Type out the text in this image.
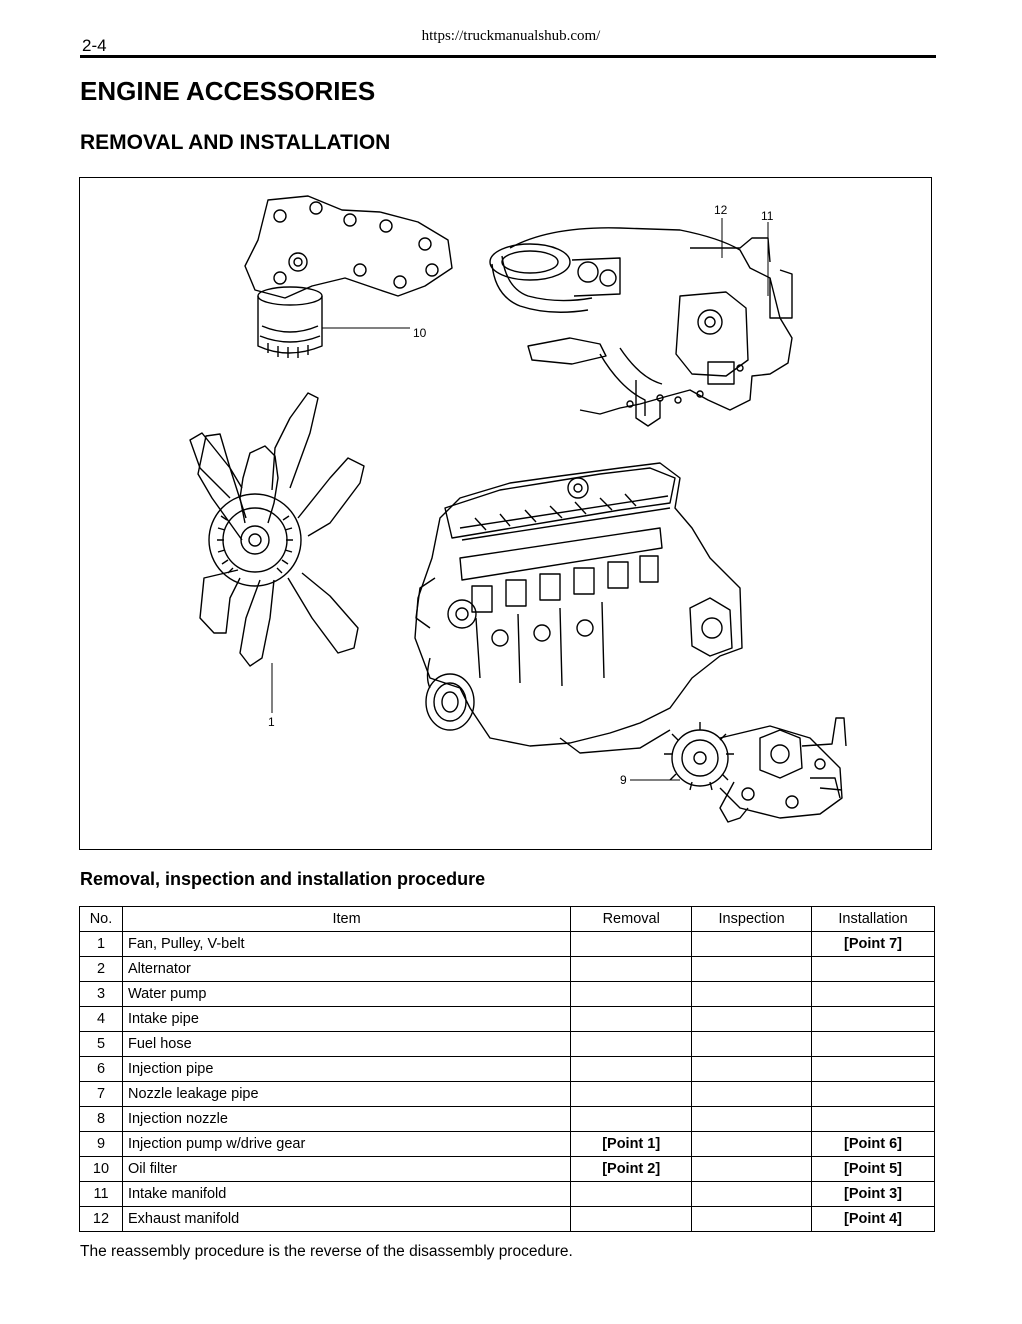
https://truckmanualshub.com/
2-4
ENGINE ACCESSORIES
REMOVAL AND INSTALLATION
10
12	11
1
9
Removal, inspection and installation procedure
No.	Item	Removal	Inspection	Installation
1	Fan, Pulley, V-belt			[Point 7]
2	Alternator			
3	Water pump			
4	Intake pipe			
5	Fuel hose			
6	Injection pipe			
7	Nozzle leakage pipe			
8	Injection nozzle			
9	Injection pump w/drive gear	[Point 1]		[Point 6]
10	Oil filter	[Point 2]		[Point 5]
11	Intake manifold			[Point 3]
12	Exhaust manifold			[Point 4]

The reassembly procedure is the reverse of the disassembly procedure.
